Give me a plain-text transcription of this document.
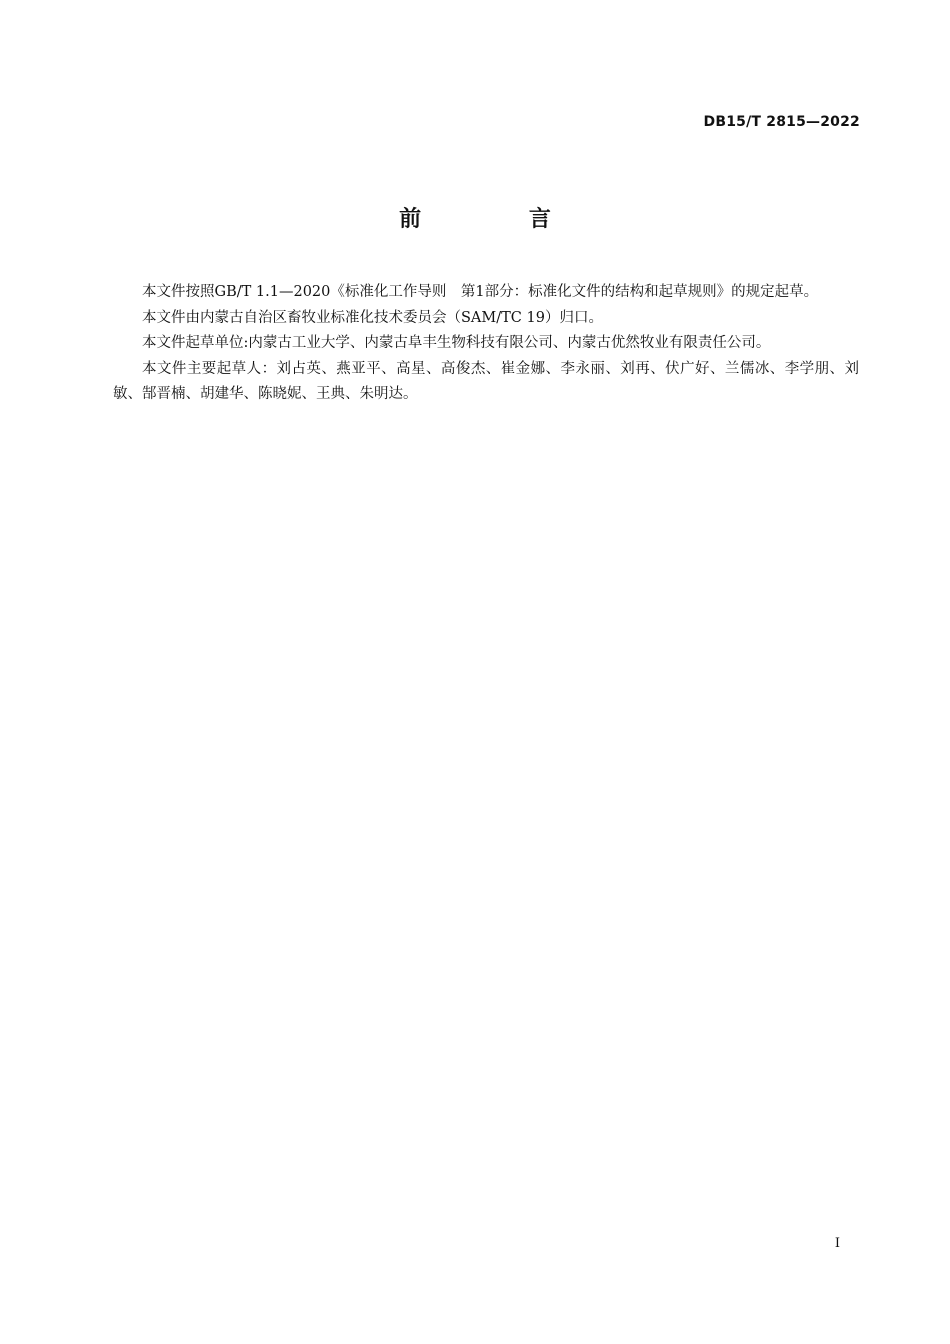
DB15/T 2815—2022
前 言

本文件按照GB/T 1.1—2020《标准化工作导则　第1部分：标准化文件的结构和起草规则》的规定起草。

本文件由内蒙古自治区畜牧业标准化技术委员会（SAM/TC 19）归口。

本文件起草单位:内蒙古工业大学、内蒙古阜丰生物科技有限公司、内蒙古优然牧业有限责任公司。

本文件主要起草人：刘占英、燕亚平、高星、高俊杰、崔金娜、李永丽、刘再、伏广好、兰儒冰、李学朋、刘敏、郜晋楠、胡建华、陈晓妮、王典、朱明达。

I
